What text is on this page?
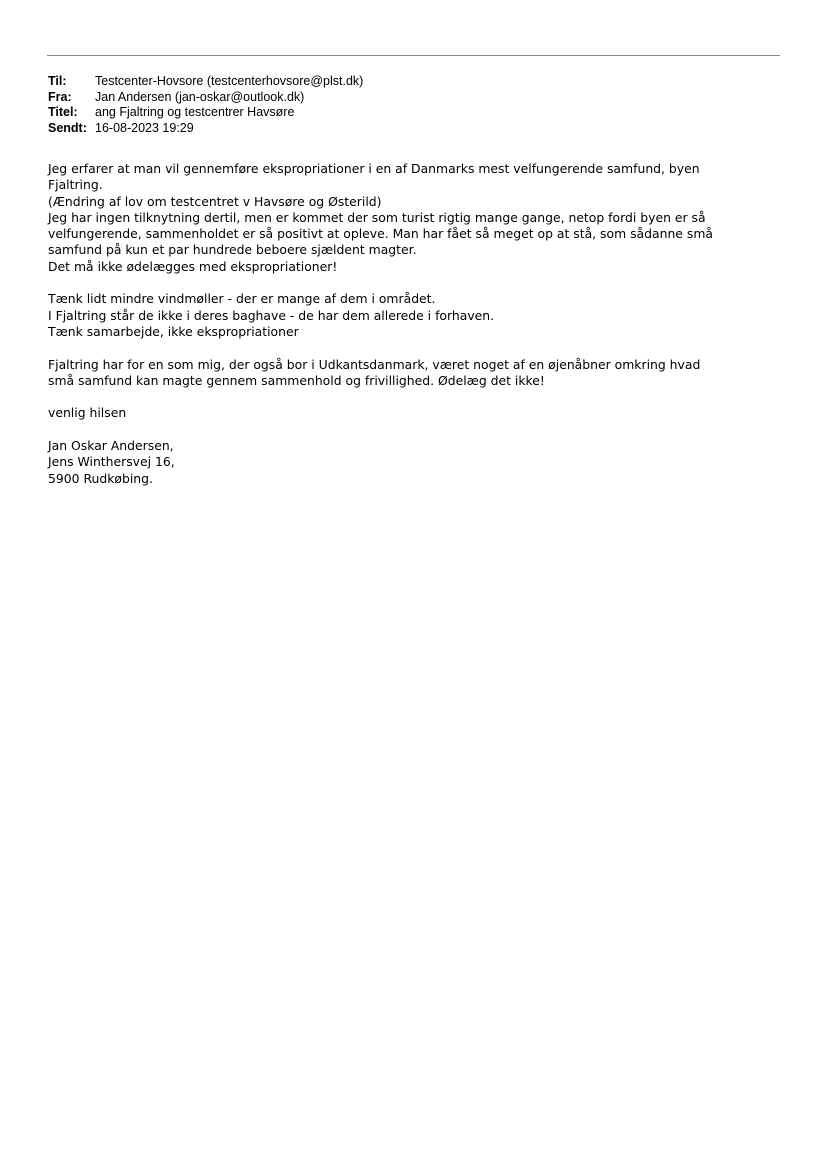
Til:	Testcenter-Hovsore (testcenterhovsore@plst.dk)
Fra:	Jan Andersen (jan-oskar@outlook.dk)
Titel:	ang Fjaltring og testcentrer Havsøre
Sendt: 16-08-2023 19:29
Jeg erfarer at man vil gennemføre ekspropriationer i en af Danmarks mest velfungerende samfund, byen
Fjaltring.
(Ændring af lov om testcentret v Havsøre og Østerild)
Jeg har ingen tilknytning dertil, men er kommet der som turist rigtig mange gange, netop fordi byen er så
velfungerende, sammenholdet er så positivt at opleve. Man har fået så meget op at stå, som sådanne små
samfund på kun et par hundrede beboere sjældent magter.
Det må ikke ødelægges med ekspropriationer!
Tænk lidt mindre vindmøller - der er mange af dem i området.
I Fjaltring står de ikke i deres baghave - de har dem allerede i forhaven.
Tænk samarbejde, ikke ekspropriationer
Fjaltring har for en som mig, der også bor i Udkantsdanmark, været noget af en øjenåbner omkring hvad
små samfund kan magte gennem sammenhold og frivillighed. Ødelæg det ikke!
venlig hilsen
Jan Oskar Andersen,
Jens Winthersvej 16,
5900 Rudkøbing.
